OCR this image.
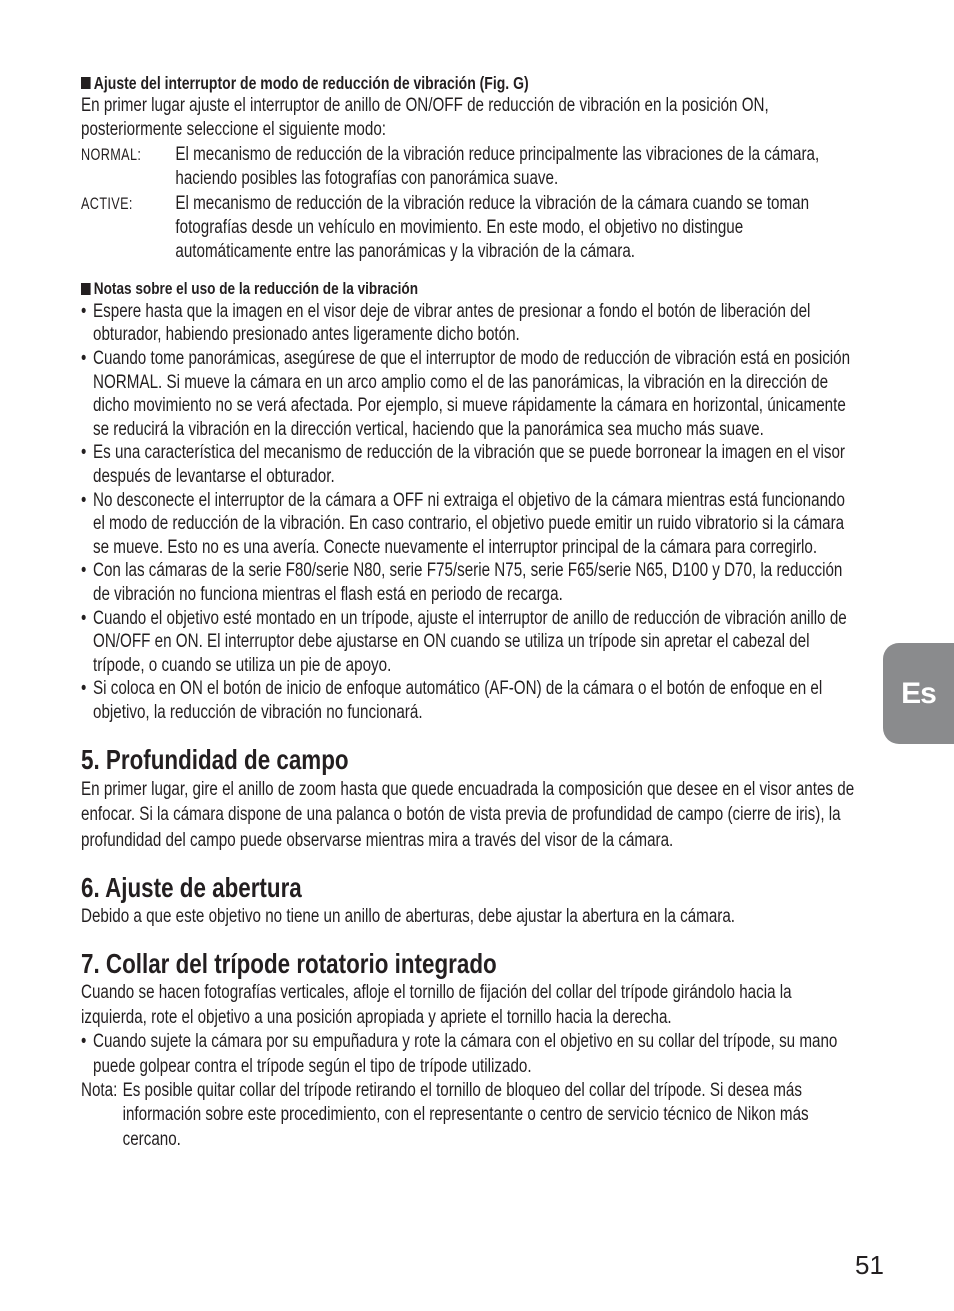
Ajuste del interruptor de modo de reducción de vibración (Fig. G)

En primer lugar ajuste el interruptor de anillo de ON/OFF de reducción de vibración en la posición ON, posteriormente seleccione el siguiente modo:

NORMAL:	El mecanismo de reducción de la vibración reduce principalmente las vibraciones de la cámara, haciendo posibles las fotografías con panorámica suave.
ACTIVE:	El mecanismo de reducción de la vibración reduce la vibración de la cámara cuando se toman fotografías desde un vehículo en movimiento. En este modo, el objetivo no distingue automáticamente entre las panorámicas y la vibración de la cámara.
Notas sobre el uso de la reducción de la vibración
• Espere hasta que la imagen en el visor deje de vibrar antes de presionar a fondo el botón de liberación del obturador, habiendo presionado antes ligeramente dicho botón.
• Cuando tome panorámicas, asegúrese de que el interruptor de modo de reducción de vibración está en posición NORMAL. Si mueve la cámara en un arco amplio como el de las panorámicas, la vibración en la dirección de dicho movimiento no se verá afectada. Por ejemplo, si mueve rápidamente la cámara en horizontal, únicamente se reducirá la vibración en la dirección vertical, haciendo que la panorámica sea mucho más suave.
• Es una característica del mecanismo de reducción de la vibración que se puede borronear la imagen en el visor después de levantarse el obturador.
• No desconecte el interruptor de la cámara a OFF ni extraiga el objetivo de la cámara mientras está funcionando el modo de reducción de la vibración. En caso contrario, el objetivo puede emitir un ruido vibratorio si la cámara se mueve. Esto no es una avería. Conecte nuevamente el interruptor principal de la cámara para corregirlo.
• Con las cámaras de la serie F80/serie N80, serie F75/serie N75, serie F65/serie N65, D100 y D70, la reducción de vibración no funciona mientras el flash está en periodo de recarga.
• Cuando el objetivo esté montado en un trípode, ajuste el interruptor de anillo de reducción de vibración anillo de ON/OFF en ON. El interruptor debe ajustarse en ON cuando se utiliza un trípode sin apretar el cabezal del trípode, o cuando se utiliza un pie de apoyo.
• Si coloca en ON el botón de inicio de enfoque automático (AF-ON) de la cámara o el botón de enfoque en el objetivo, la reducción de vibración no funcionará.
5. Profundidad de campo

En primer lugar, gire el anillo de zoom hasta que quede encuadrada la composición que desee en el visor antes de enfocar. Si la cámara dispone de una palanca o botón de vista previa de profundidad de campo (cierre de iris), la profundidad del campo puede observarse mientras mira a través del visor de la cámara.

6. Ajuste de abertura

Debido a que este objetivo no tiene un anillo de aberturas, debe ajustar la abertura en la cámara.

7. Collar del trípode rotatorio integrado

Cuando se hacen fotografías verticales, afloje el tornillo de fijación del collar del trípode girándolo hacia la izquierda, rote el objetivo a una posición apropiada y apriete el tornillo hacia la derecha.

• Cuando sujete la cámara por su empuñadura y rote la cámara con el objetivo en su collar del trípode, su mano puede golpear contra el trípode según el tipo de trípode utilizado.
Nota: Es posible quitar collar del trípode retirando el tornillo de bloqueo del collar del trípode. Si desea más información sobre este procedimiento, con el representante o centro de servicio técnico de Nikon más cercano.
Es
51
